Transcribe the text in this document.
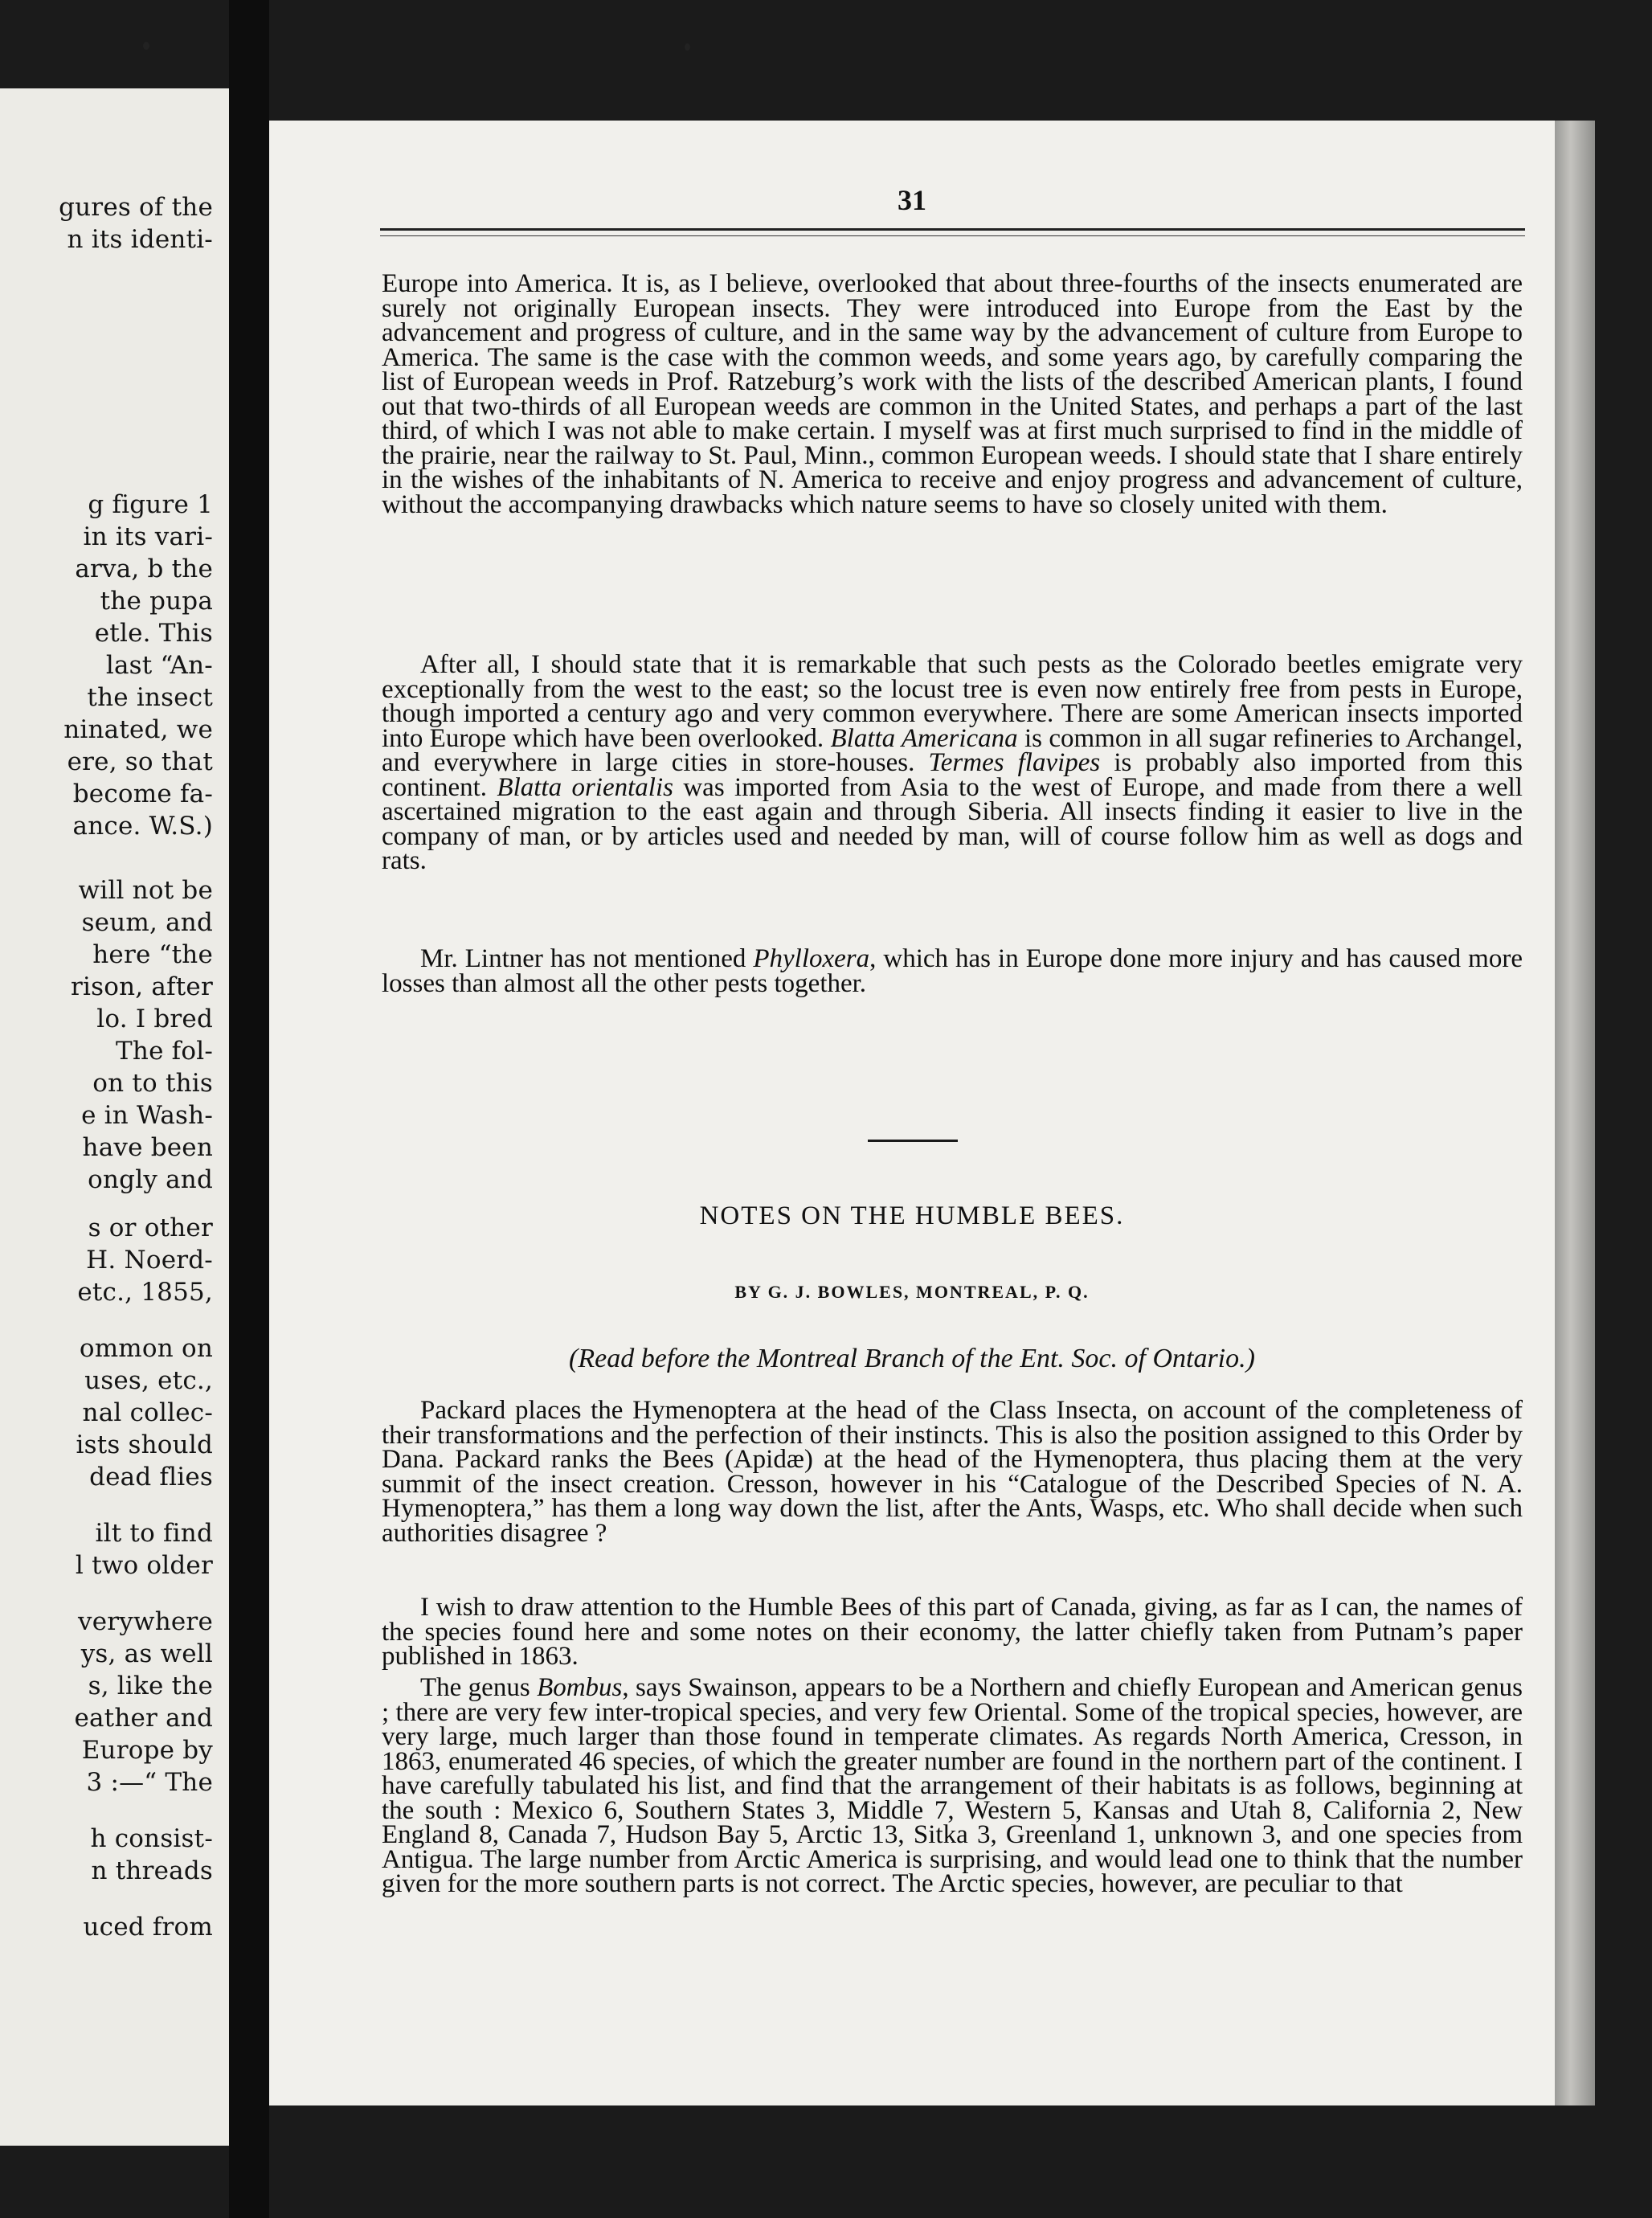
gures of the
n its identi-
g figure 1
in its vari-
arva, b the
the pupa
etle. This
last “An-
the insect
ninated, we
ere, so that
become fa-
ance. W.S.)
will not be
seum, and
here “the
rison, after
lo. I bred
The fol-
on to this
e in Wash-
have been
ongly and
s or other
H. Noerd-
etc., 1855,
ommon on
uses, etc.,
nal collec-
ists should
dead flies
ilt to find
l two older
verywhere
ys, as well
s, like the
eather and
Europe by
3 :—“ The
h consist-
n threads
uced from
31

Europe into America. It is, as I believe, overlooked that about three-fourths of the insects enumerated are surely not originally European insects. They were introduced into Europe from the East by the advancement and progress of culture, and in the same way by the advancement of culture from Europe to America. The same is the case with the common weeds, and some years ago, by carefully comparing the list of European weeds in Prof. Ratzeburg’s work with the lists of the described American plants, I found out that two-thirds of all European weeds are common in the United States, and perhaps a part of the last third, of which I was not able to make certain. I myself was at first much surprised to find in the middle of the prairie, near the railway to St. Paul, Minn., common European weeds. I should state that I share entirely in the wishes of the inhabitants of N. America to receive and enjoy progress and advancement of culture, without the accompanying drawbacks which nature seems to have so closely united with them.

After all, I should state that it is remarkable that such pests as the Colorado beetles emigrate very exceptionally from the west to the east; so the locust tree is even now entirely free from pests in Europe, though imported a century ago and very common everywhere. There are some American insects imported into Europe which have been overlooked. Blatta Americana is common in all sugar refineries to Archangel, and everywhere in large cities in store-houses. Termes flavipes is probably also imported from this continent. Blatta orientalis was imported from Asia to the west of Europe, and made from there a well ascertained migration to the east again and through Siberia. All insects finding it easier to live in the company of man, or by articles used and needed by man, will of course follow him as well as dogs and rats.

Mr. Lintner has not mentioned Phylloxera, which has in Europe done more injury and has caused more losses than almost all the other pests together.

NOTES ON THE HUMBLE BEES.
BY G. J. BOWLES, MONTREAL, P. Q.
(Read before the Montreal Branch of the Ent. Soc. of Ontario.)

Packard places the Hymenoptera at the head of the Class Insecta, on account of the completeness of their transformations and the perfection of their instincts. This is also the position assigned to this Order by Dana. Packard ranks the Bees (Apidæ) at the head of the Hymenoptera, thus placing them at the very summit of the insect creation. Cresson, however in his “Catalogue of the Described Species of N. A. Hymenoptera,” has them a long way down the list, after the Ants, Wasps, etc. Who shall decide when such authorities disagree ?

I wish to draw attention to the Humble Bees of this part of Canada, giving, as far as I can, the names of the species found here and some notes on their economy, the latter chiefly taken from Putnam’s paper published in 1863.

The genus Bombus, says Swainson, appears to be a Northern and chiefly European and American genus ; there are very few inter-tropical species, and very few Oriental. Some of the tropical species, however, are very large, much larger than those found in temperate climates. As regards North America, Cresson, in 1863, enumerated 46 species, of which the greater number are found in the northern part of the continent. I have carefully tabulated his list, and find that the arrangement of their habitats is as follows, beginning at the south : Mexico 6, Southern States 3, Middle 7, Western 5, Kansas and Utah 8, California 2, New England 8, Canada 7, Hudson Bay 5, Arctic 13, Sitka 3, Greenland 1, unknown 3, and one species from Antigua. The large number from Arctic America is surprising, and would lead one to think that the number given for the more southern parts is not correct. The Arctic species, however, are peculiar to that
